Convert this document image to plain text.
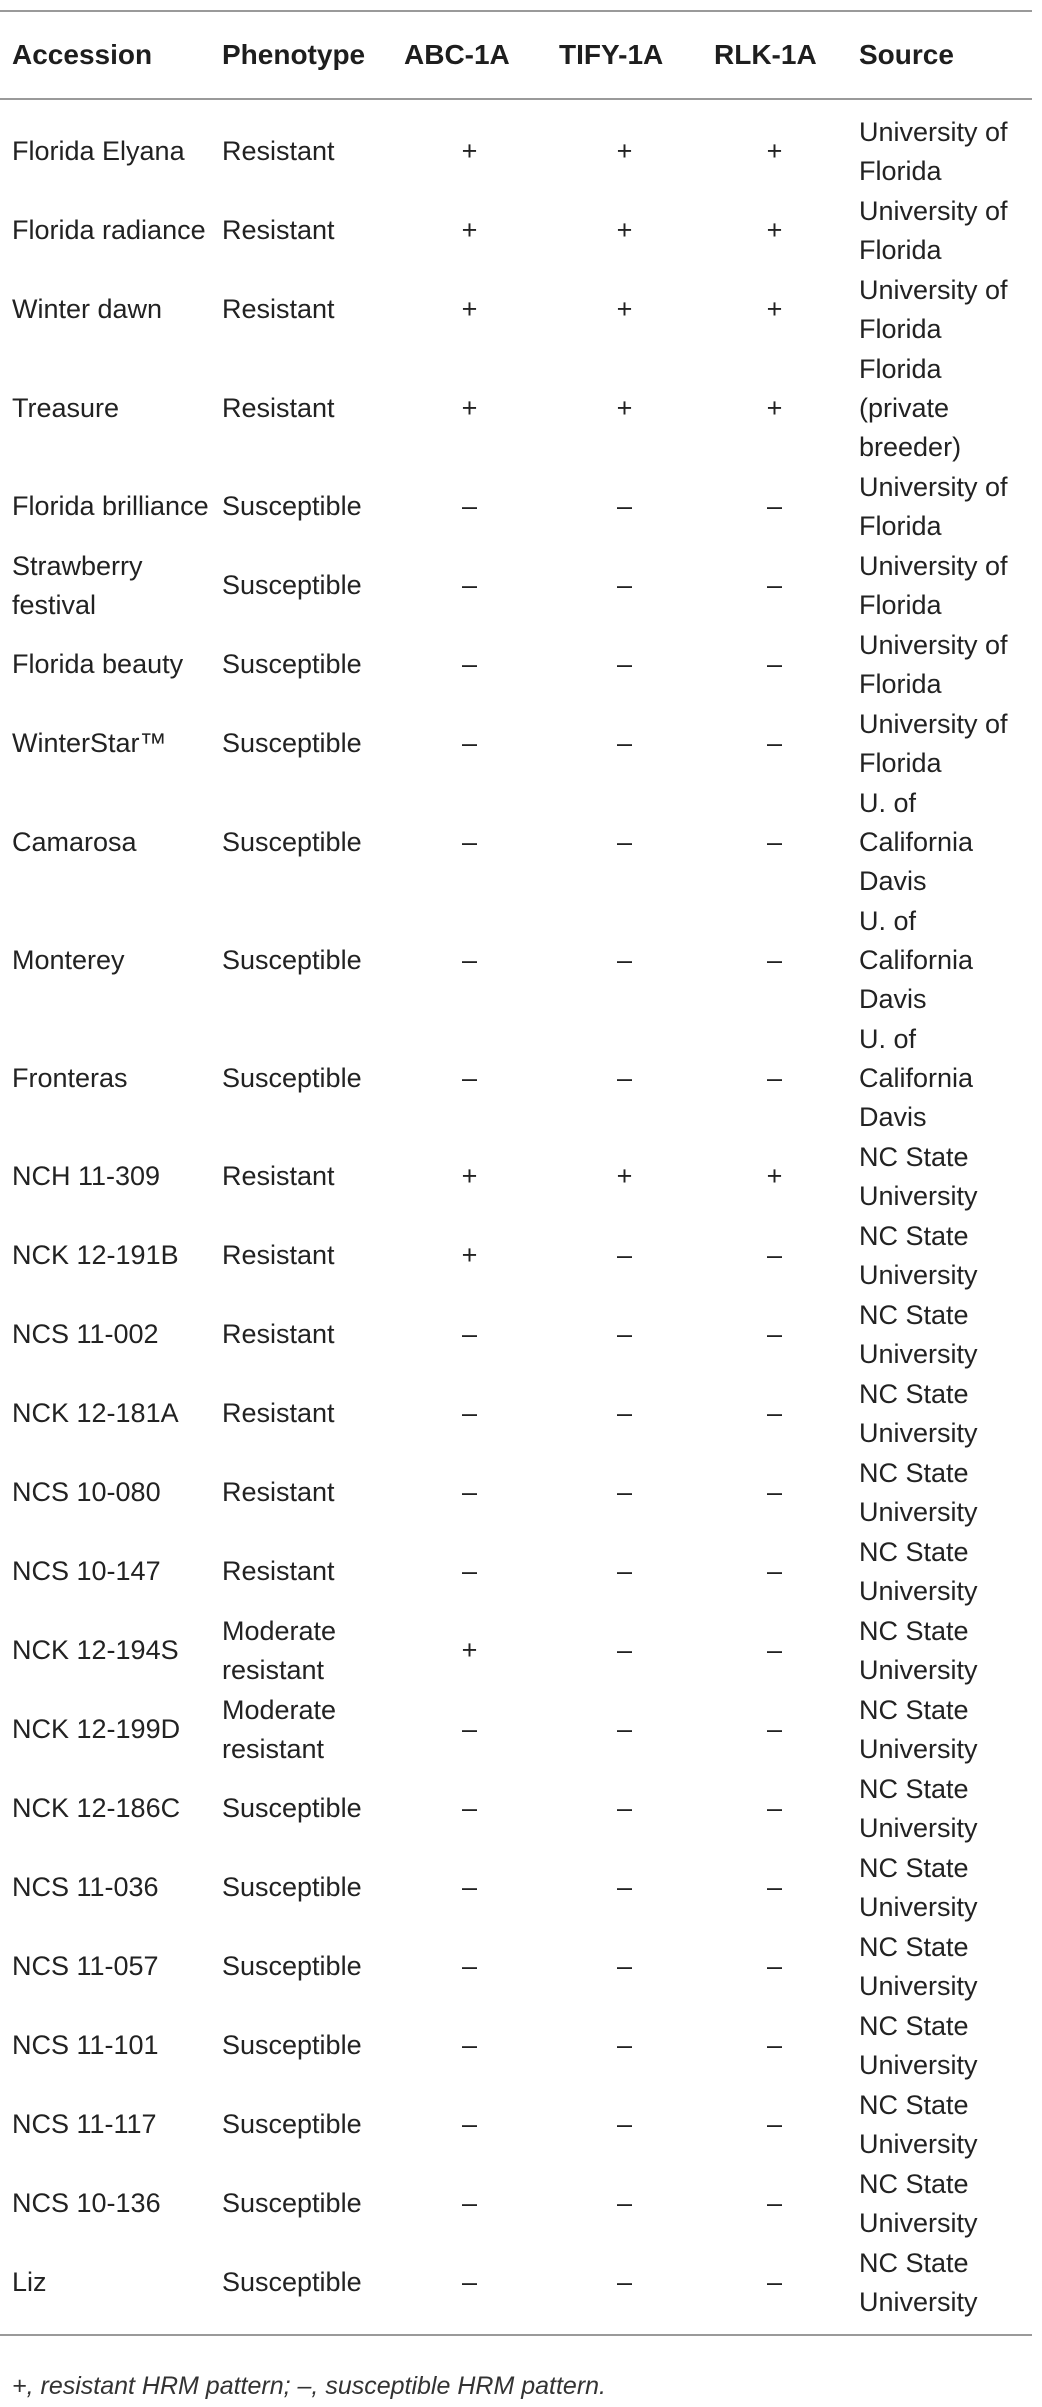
Accession	Phenotype	ABC-1A	TIFY-1A	RLK-1A	Source

Florida Elyana	Resistant	+	+	+	University of Florida
Florida radiance	Resistant	+	+	+	University of Florida
Winter dawn	Resistant	+	+	+	University of Florida
Treasure	Resistant	+	+	+	Florida (private breeder)
Florida brilliance	Susceptible	–	–	–	University of Florida
Strawberry festival	Susceptible	–	–	–	University of Florida
Florida beauty	Susceptible	–	–	–	University of Florida
WinterStar™	Susceptible	–	–	–	University of Florida
Camarosa	Susceptible	–	–	–	U. of California Davis
Monterey	Susceptible	–	–	–	U. of California Davis
Fronteras	Susceptible	–	–	–	U. of California Davis
NCH 11-309	Resistant	+	+	+	NC State University
NCK 12-191B	Resistant	+	–	–	NC State University
NCS 11-002	Resistant	–	–	–	NC State University
NCK 12-181A	Resistant	–	–	–	NC State University
NCS 10-080	Resistant	–	–	–	NC State University
NCS 10-147	Resistant	–	–	–	NC State University
NCK 12-194S	Moderate resistant	+	–	–	NC State University
NCK 12-199D	Moderate resistant	–	–	–	NC State University
NCK 12-186C	Susceptible	–	–	–	NC State University
NCS 11-036	Susceptible	–	–	–	NC State University
NCS 11-057	Susceptible	–	–	–	NC State University
NCS 11-101	Susceptible	–	–	–	NC State University
NCS 11-117	Susceptible	–	–	–	NC State University
NCS 10-136	Susceptible	–	–	–	NC State University
Liz	Susceptible	–	–	–	NC State University

+, resistant HRM pattern; –, susceptible HRM pattern.
